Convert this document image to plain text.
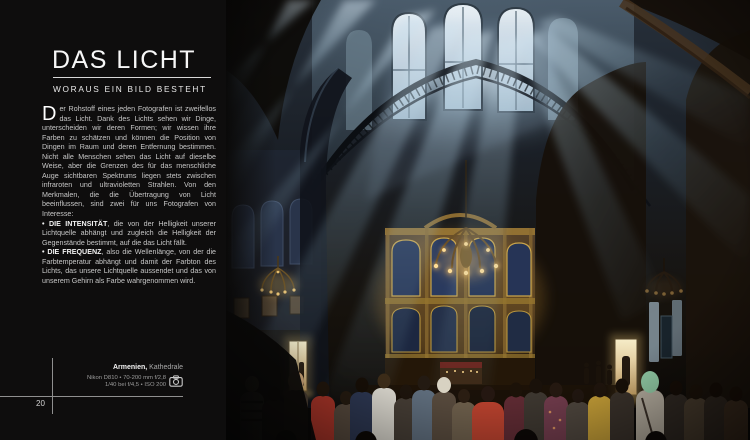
DAS LICHT
WORAUS EIN BILD BESTEHT

Der Rohstoff eines jeden Fotografen ist zweifellos das Licht. Dank des Lichts sehen wir Dinge, unterscheiden wir deren Formen; wir wissen ihre Farben zu schätzen und können die Position von Dingen im Raum und deren Entfernung bestimmen. Nicht alle Menschen sehen das Licht auf dieselbe Weise, aber die Grenzen des für das menschliche Auge sichtbaren Spektrums liegen stets zwischen infraroten und ultravioletten Strahlen. Von den Merkmalen, die die Übertragung von Licht beeinflussen, sind zwei für uns Fotografen von Interesse:

• DIE INTENSITÄT, die von der Helligkeit unserer Lichtquelle abhängt und zugleich die Helligkeit der Gegenstände bestimmt, auf die das Licht fällt.

• DIE FREQUENZ, also die Wellenlänge, von der die Farbtemperatur abhängt und damit der Farbton des Lichts, das unsere Lichtquelle aussendet und das von unserem Gehirn als Farbe wahrgenommen wird.

Armenien, Kathedrale
Nikon D810 • 70-200 mm f/2,8
1/40 bei f/4,5 • ISO 200
20
